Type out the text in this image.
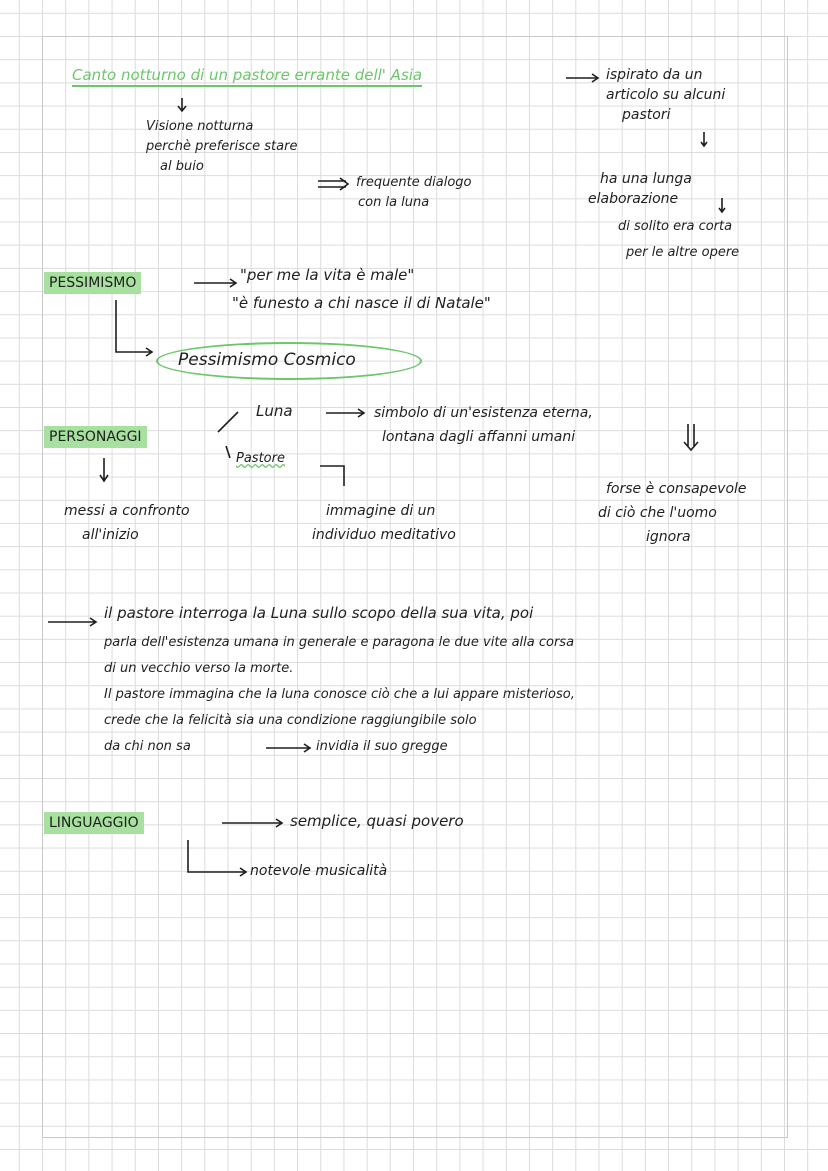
Canto notturno di un pastore errante dell' Asia	ispirato da un
articolo su alcuni
pastori
Visione notturna
perchè preferisce stare
al buio
frequente dialogo
con la luna
ha una lunga
elaborazione
di solito era corta
per le altre opere
PESSIMISMO	"per me la vita è male"
"è funesto a chi nasce il di Natale"
Pessimismo Cosmico
PERSONAGGI
Luna
Pastore
simbolo di un'esistenza eterna,
lontana dagli affanni umani
forse è consapevole
di ciò che l'uomo
ignora
immagine di un
individuo meditativo
messi a confronto
all'inizio
il pastore interroga la Luna sullo scopo della sua vita, poi
parla dell'esistenza umana in generale e paragona le due vite alla corsa
di un vecchio verso la morte.
Il pastore immagina che la luna conosce ciò che a lui appare misterioso,
crede che la felicità sia una condizione raggiungibile solo
da chi non sa	invidia il suo gregge
LINGUAGGIO	semplice, quasi povero
notevole musicalità
